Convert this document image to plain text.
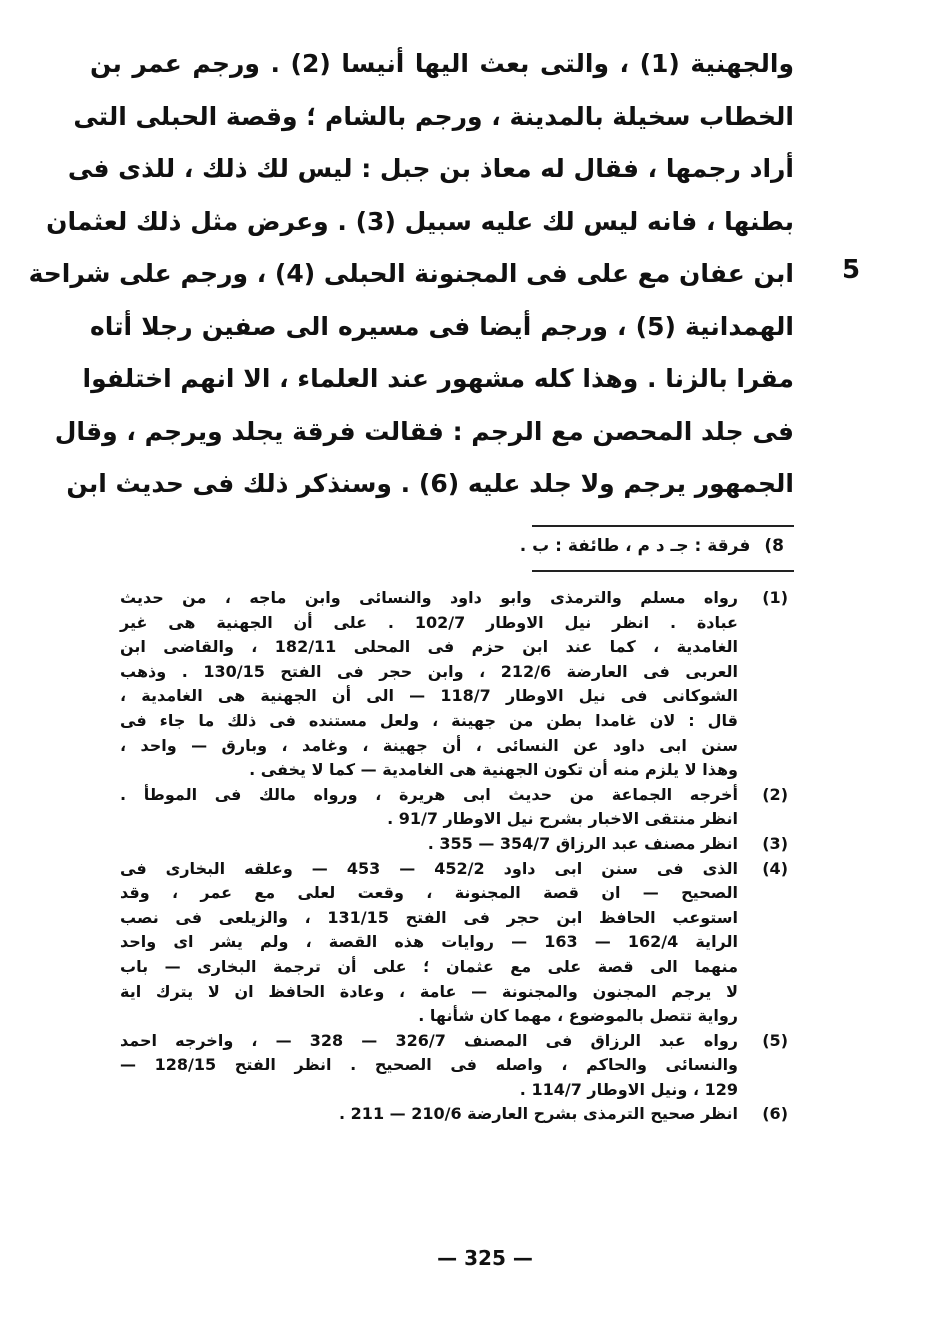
والجهنية (1) ، والتى بعث اليها أنيسا (2) . ورجم عمر بن
الخطاب سخيلة بالمدينة ، ورجم بالشام ؛ وقصة الحبلى التى
أراد رجمها ، فقال له معاذ بن جبل : ليس لك ذلك ، للذى فى
بطنها ، فانه ليس لك عليه سبيل (3) . وعرض مثل ذلك لعثمان
ابن عفان مع على فى المجنونة الحبلى (4) ، ورجم على شراحة
الهمدانية (5) ، ورجم أيضا فى مسيره الى صفين رجلا أتاه
مقرا بالزنا . وهذا كله مشهور عند العلماء ، الا انهم اختلفوا
فى جلد المحصن مع الرجم : فقالت فرقة يجلد ويرجم ، وقال
الجمهور يرجم ولا جلد عليه (6) . وسنذكر ذلك فى حديث ابن
5
8)فرقة : جـ د م ، طائفة : ب .
(1)
رواه مسلم والترمذى وابو داود والنسائى وابن ماجه ، من حديث
عبادة . انظر نيل الاوطار 102/7 . على أن الجهنية هى غير
الغامدية ، كما عند ابن حزم فى المحلى 182/11 ، والقاضى ابن
العربى فى العارضة 212/6 ، وابن حجر فى الفتح 130/15 . وذهب
الشوكانى فى نيل الاوطار 118/7 — الى أن الجهنية هى الغامدية ،
قال : لان غامدا بطن من جهينة ، ولعل مستنده فى ذلك ما جاء فى
سنن ابى داود عن النسائى ، أن جهينة ، وغامد ، وبارق — واحد ،
وهذا لا يلزم منه أن تكون الجهنية هى الغامدية — كما لا يخفى .
(2)
أخرجه الجماعة من حديث ابى هريرة ، ورواه مالك فى الموطأ .
انظر منتقى الاخبار بشرح نيل الاوطار 91/7 .
(3)
انظر مصنف عبد الرزاق 354/7 — 355 .
(4)
الذى فى سنن ابى داود 452/2 — 453 — وعلقه البخارى فى
الصحيح — ان قصة المجنونة ، وقعت لعلى مع عمر ، وقد
استوعب الحافظ ابن حجر فى الفتح 131/15 ، والزيلعى فى نصب
الراية 162/4 — 163 — روايات هذه القصة ، ولم يشر اى واحد
منهما الى قصة على مع عثمان ؛ على أن ترجمة البخارى — باب
لا يرجم المجنون والمجنونة — عامة ، وعادة الحافظ ان لا يترك اية
رواية تتصل بالموضوع ، مهما كان شأنها .
(5)
رواه عبد الرزاق فى المصنف 326/7 — 328 — ، واخرجه احمد
والنسائى والحاكم ، واصله فى الصحيح . انظر الفتح 128/15 —
129 ، ونيل الاوطار 114/7 .
(6)
انظر صحيح الترمذى بشرح العارضة 210/6 — 211 .
— 325 —
